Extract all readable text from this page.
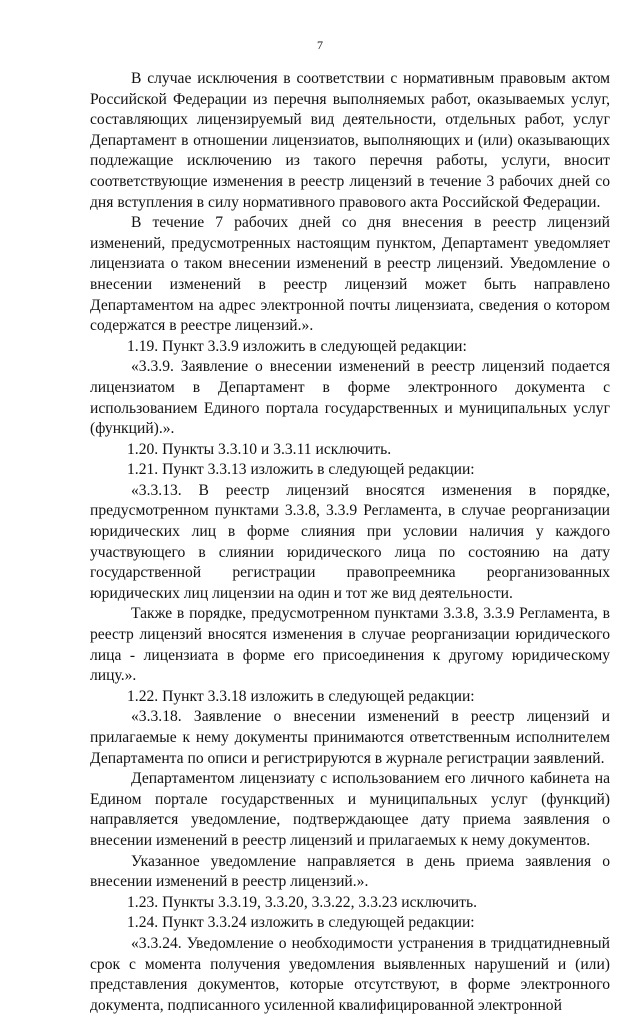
7

В случае исключения в соответствии с нормативным правовым актом Российской Федерации из перечня выполняемых работ, оказываемых услуг, составляющих лицензируемый вид деятельности, отдельных работ, услуг Департамент в отношении лицензиатов, выполняющих и (или) оказывающих подлежащие исключению из такого перечня работы, услуги, вносит соответствующие изменения в реестр лицензий в течение 3 рабочих дней со дня вступления в силу нормативного правового акта Российской Федерации.

В течение 7 рабочих дней со дня внесения в реестр лицензий изменений, предусмотренных настоящим пунктом, Департамент уведомляет лицензиата о таком внесении изменений в реестр лицензий. Уведомление о внесении изменений в реестр лицензий может быть направлено Департаментом на адрес электронной почты лицензиата, сведения о котором содержатся в реестре лицензий.».

1.19. Пункт 3.3.9 изложить в следующей редакции:

«3.3.9. Заявление о внесении изменений в реестр лицензий подается лицензиатом в Департамент в форме электронного документа с использованием Единого портала государственных и муниципальных услуг (функций).».

1.20. Пункты 3.3.10 и 3.3.11 исключить.

1.21. Пункт 3.3.13 изложить в следующей редакции:

«3.3.13. В реестр лицензий вносятся изменения в порядке, предусмотренном пунктами 3.3.8, 3.3.9 Регламента, в случае реорганизации юридических лиц в форме слияния при условии наличия у каждого участвующего в слиянии юридического лица по состоянию на дату государственной регистрации правопреемника реорганизованных юридических лиц лицензии на один и тот же вид деятельности.

Также в порядке, предусмотренном пунктами 3.3.8, 3.3.9 Регламента, в реестр лицензий вносятся изменения в случае реорганизации юридического лица - лицензиата в форме его присоединения к другому юридическому лицу.».

1.22. Пункт 3.3.18 изложить в следующей редакции:

«3.3.18. Заявление о внесении изменений в реестр лицензий и прилагаемые к нему документы принимаются ответственным исполнителем Департамента по описи и регистрируются в журнале регистрации заявлений.

Департаментом лицензиату с использованием его личного кабинета на Едином портале государственных и муниципальных услуг (функций) направляется уведомление, подтверждающее дату приема заявления о внесении изменений в реестр лицензий и прилагаемых к нему документов.

Указанное уведомление направляется в день приема заявления о внесении изменений в реестр лицензий.».

1.23. Пункты 3.3.19, 3.3.20, 3.3.22, 3.3.23 исключить.

1.24. Пункт 3.3.24 изложить в следующей редакции:

«3.3.24. Уведомление о необходимости устранения в тридцатидневный срок с момента получения уведомления выявленных нарушений и (или) представления документов, которые отсутствуют, в форме электронного документа, подписанного усиленной квалифицированной электронной
